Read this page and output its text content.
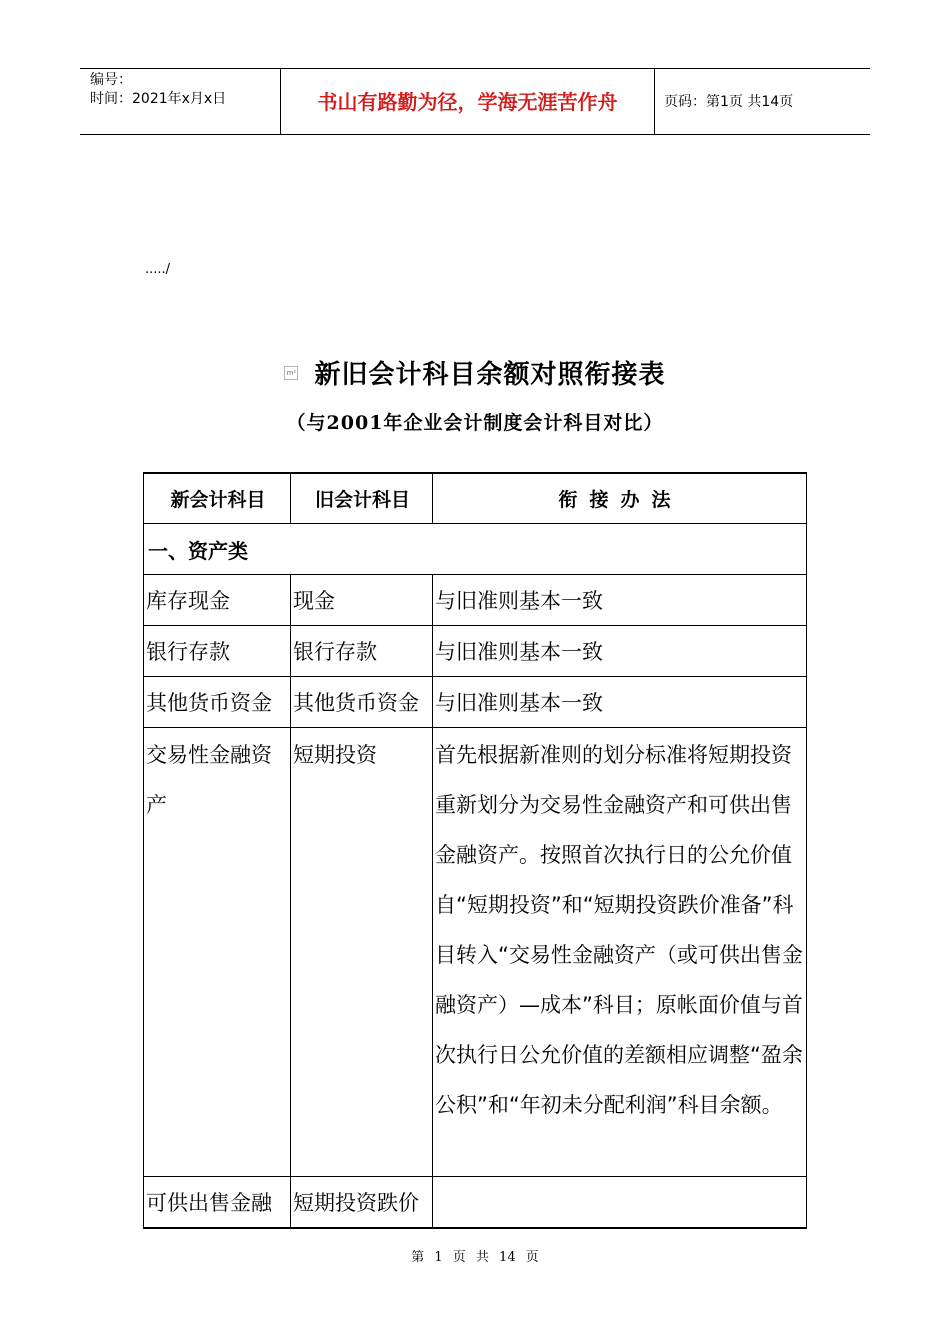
编号：
时间：2021年x月x日	书山有路勤为径，学海无涯苦作舟	页码：第1页 共14页
...../
m² 新旧会计科目余额对照衔接表
（与2001年企业会计制度会计科目对比）
新会计科目	旧会计科目	衔接办法
一、资产类		
库存现金	现金	与旧准则基本一致
银行存款	银行存款	与旧准则基本一致
其他货币资金	其他货币资金	与旧准则基本一致
交易性金融资产	短期投资	首先根据新准则的划分标准将短期投资重新划分为交易性金融资产和可供出售金融资产。按照首次执行日的公允价值自“短期投资”和“短期投资跌价准备”科目转入“交易性金融资产（或可供出售金融资产）—成本”科目；原帐面价值与首次执行日公允价值的差额相应调整“盈余公积”和“年初未分配利润”科目余额。
可供出售金融	短期投资跌价	
第 1 页 共 14 页
